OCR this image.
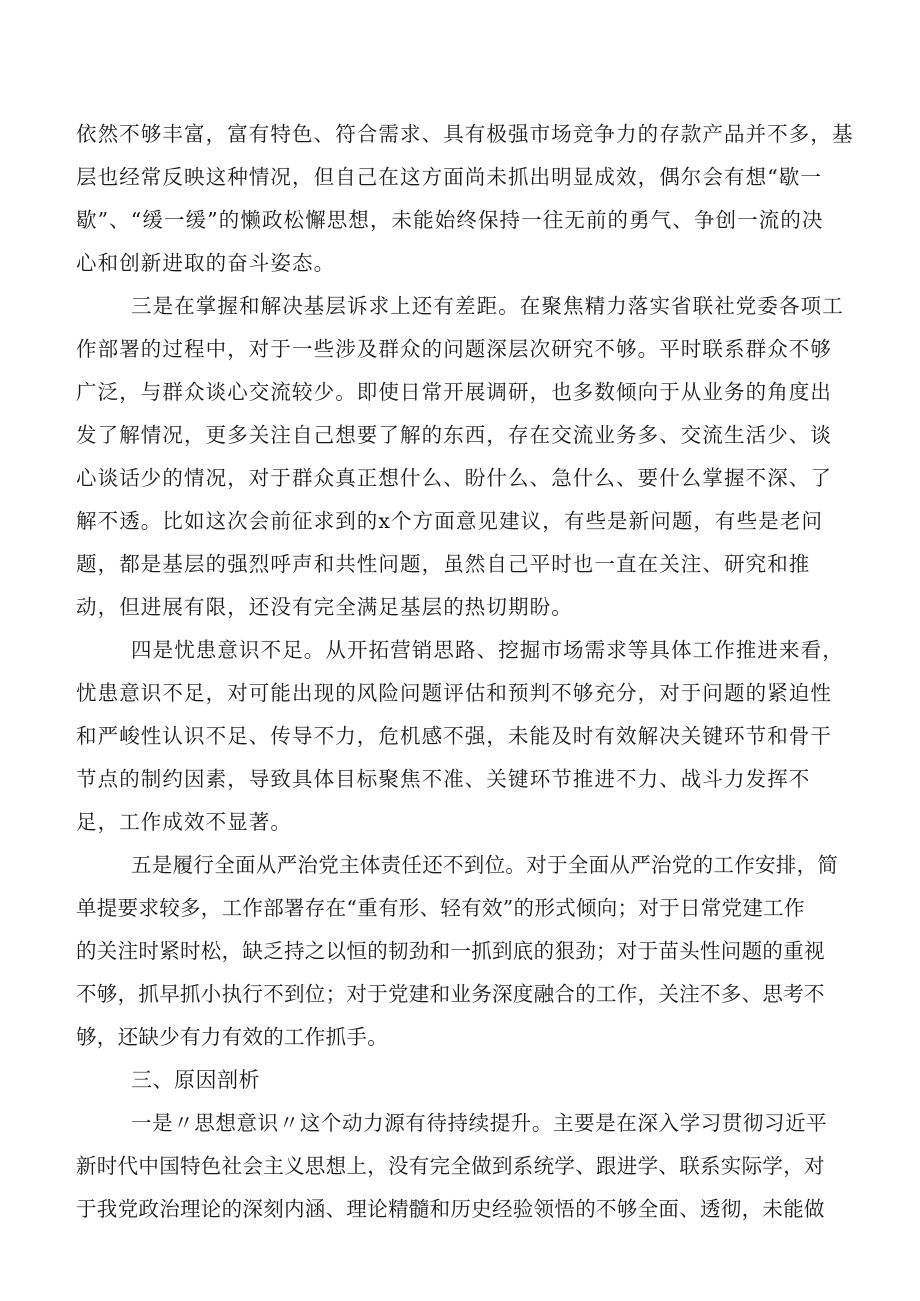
依然不够丰富，富有特色、符合需求、具有极强市场竞争力的存款产品并不多，基
层也经常反映这种情况，但自己在这方面尚未抓出明显成效，偶尔会有想“歇一
歇”、“缓一缓”的懒政松懈思想，未能始终保持一往无前的勇气、争创一流的决
心和创新进取的奋斗姿态。
三是在掌握和解决基层诉求上还有差距。在聚焦精力落实省联社党委各项工
作部署的过程中，对于一些涉及群众的问题深层次研究不够。平时联系群众不够
广泛，与群众谈心交流较少。即使日常开展调研，也多数倾向于从业务的角度出
发了解情况，更多关注自己想要了解的东西，存在交流业务多、交流生活少、谈
心谈话少的情况，对于群众真正想什么、盼什么、急什么、要什么掌握不深、了
解不透。比如这次会前征求到的x个方面意见建议，有些是新问题，有些是老问
题，都是基层的强烈呼声和共性问题，虽然自己平时也一直在关注、研究和推
动，但进展有限，还没有完全满足基层的热切期盼。
四是忧患意识不足。从开拓营销思路、挖掘市场需求等具体工作推进来看，
忧患意识不足，对可能出现的风险问题评估和预判不够充分，对于问题的紧迫性
和严峻性认识不足、传导不力，危机感不强，未能及时有效解决关键环节和骨干
节点的制约因素，导致具体目标聚焦不准、关键环节推进不力、战斗力发挥不
足，工作成效不显著。
五是履行全面从严治党主体责任还不到位。对于全面从严治党的工作安排，简
单提要求较多，工作部署存在“重有形、轻有效”的形式倾向；对于日常党建工作
的关注时紧时松，缺乏持之以恒的韧劲和一抓到底的狠劲；对于苗头性问题的重视
不够，抓早抓小执行不到位；对于党建和业务深度融合的工作，关注不多、思考不
够，还缺少有力有效的工作抓手。
三、原因剖析
一是〃思想意识〃这个动力源有待持续提升。主要是在深入学习贯彻习近平
新时代中国特色社会主义思想上，没有完全做到系统学、跟进学、联系实际学，对
于我党政治理论的深刻内涵、理论精髓和历史经验领悟的不够全面、透彻，未能做
